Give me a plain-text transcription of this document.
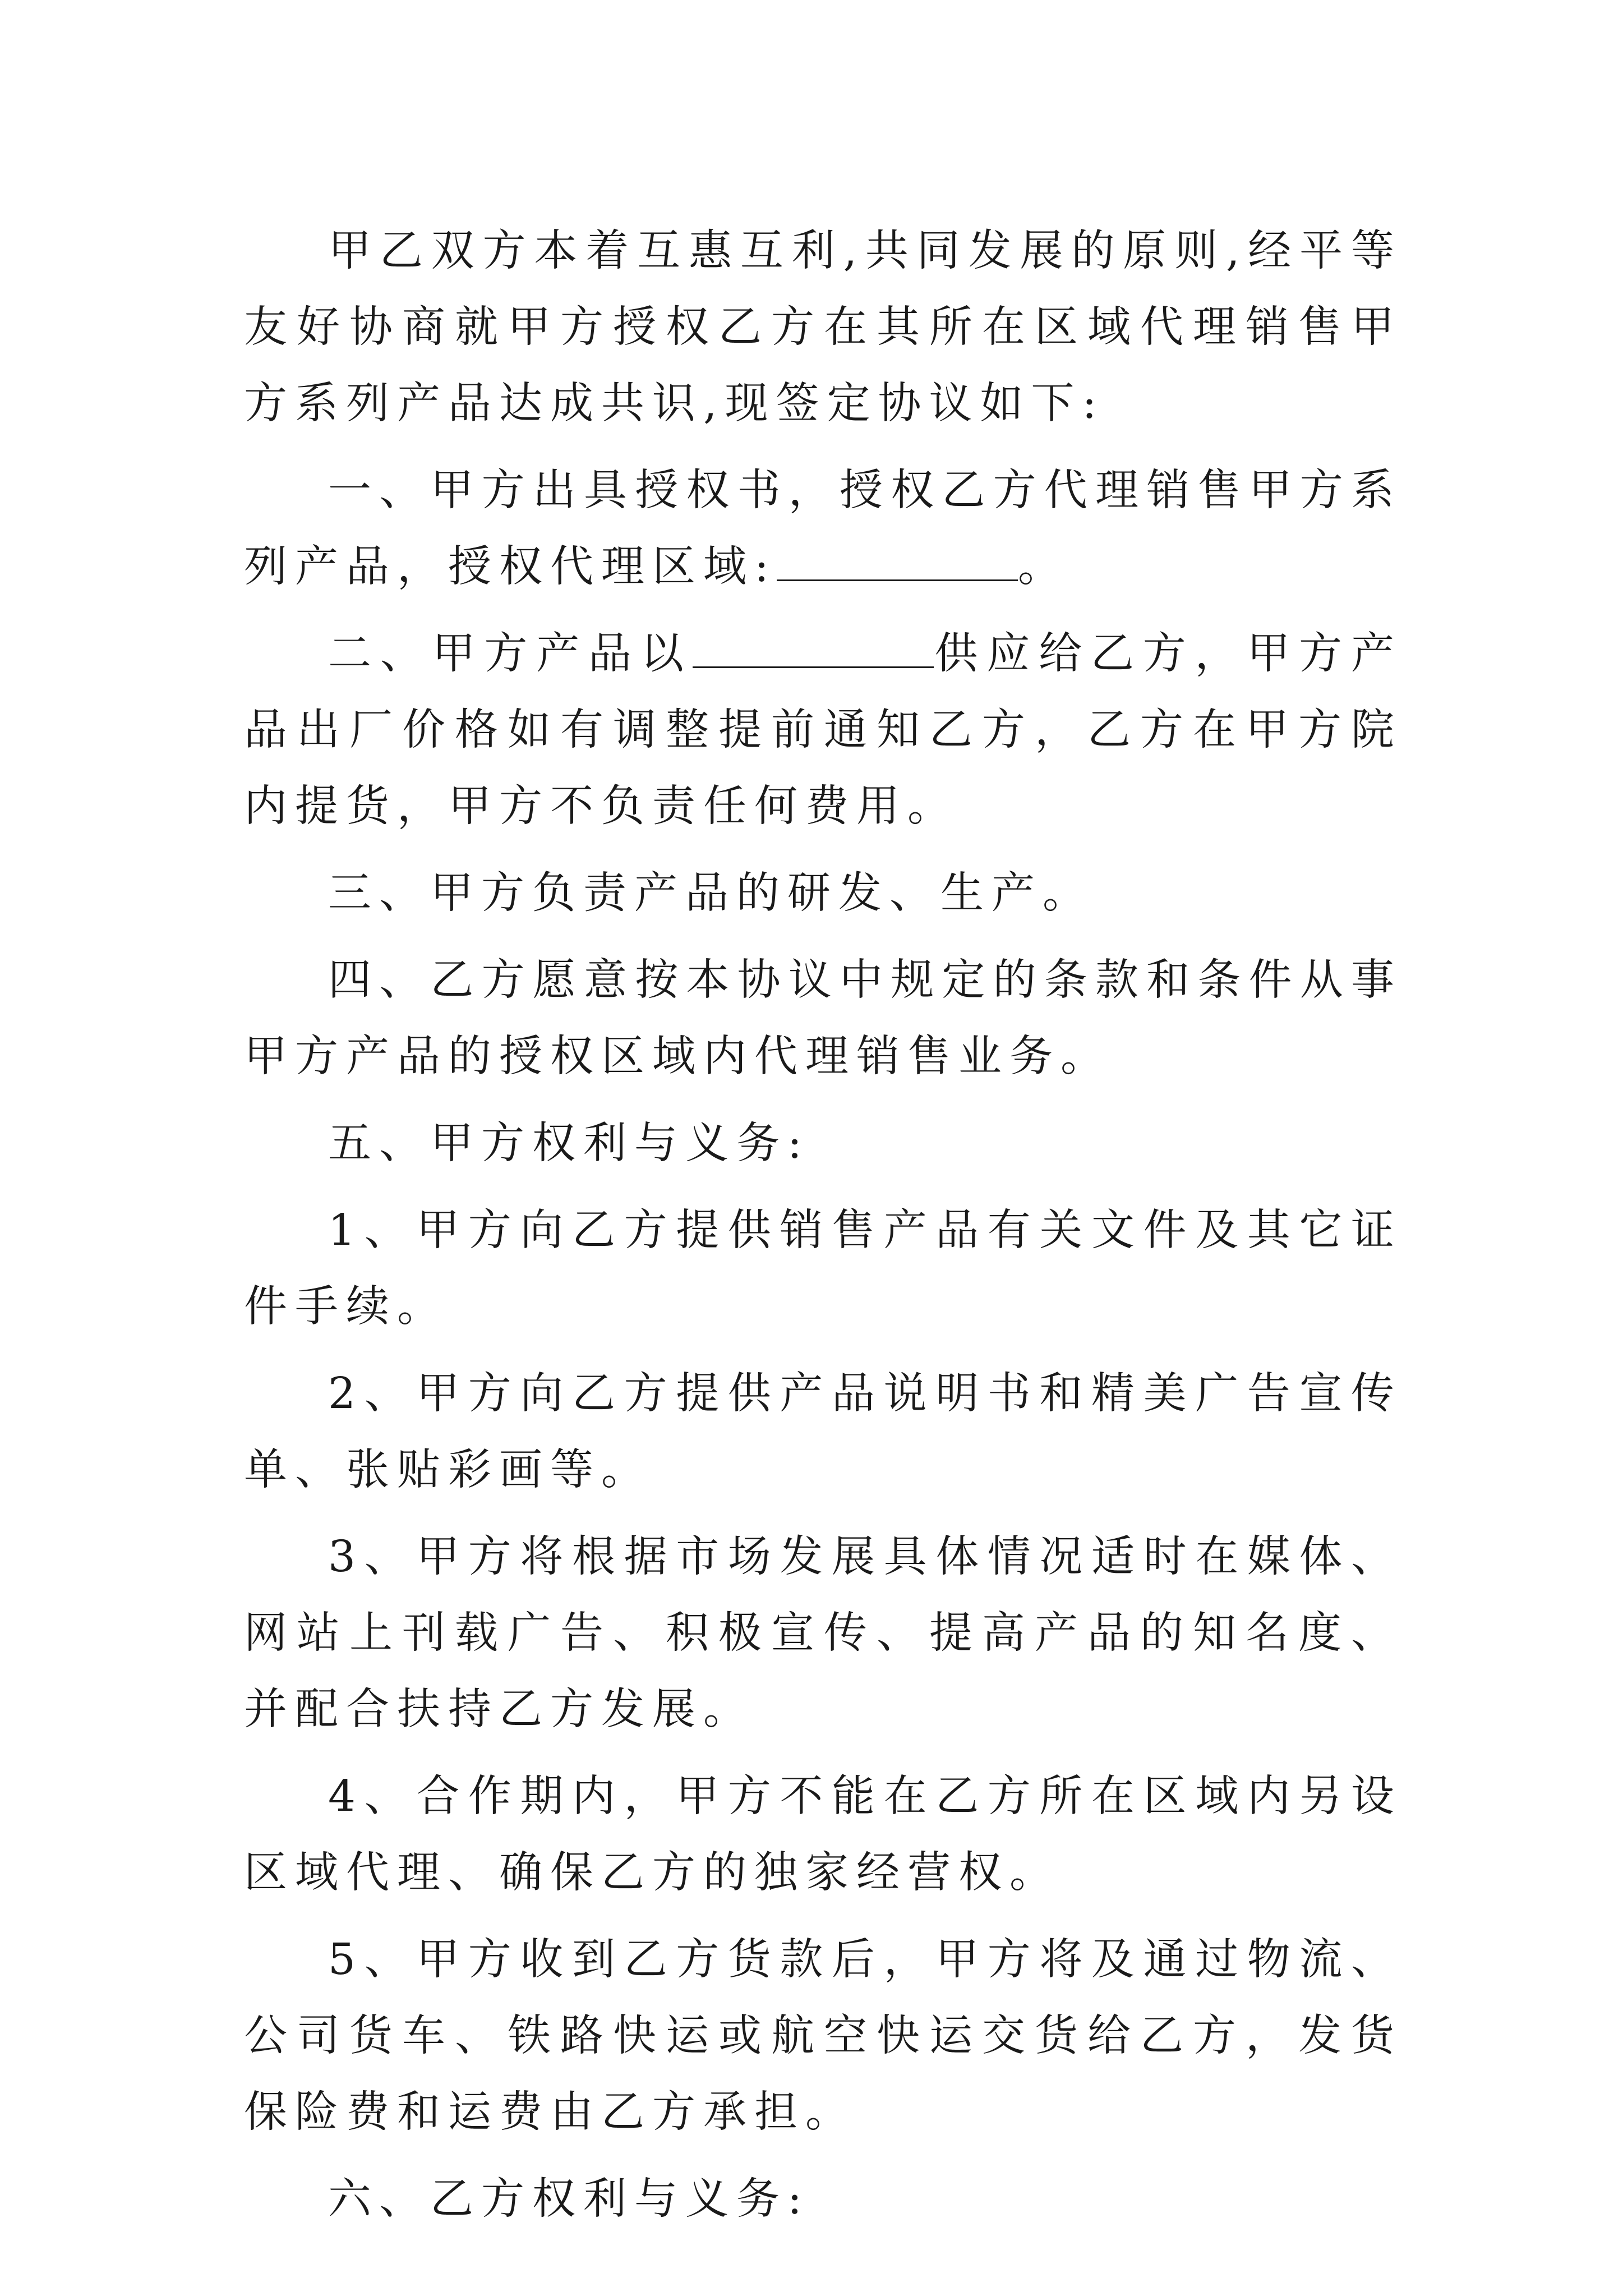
甲乙双方本着互惠互利,共同发展的原则,经平等友好协商就甲方授权乙方在其所在区域代理销售甲方系列产品达成共识,现签定协议如下:

一、甲方出具授权书，授权乙方代理销售甲方系列产品，授权代理区域:	。

二、甲方产品以	供应给乙方，甲方产品出厂价格如有调整提前通知乙方，乙方在甲方院内提货，甲方不负责任何费用。

三、甲方负责产品的研发、生产。

四、乙方愿意按本协议中规定的条款和条件从事甲方产品的授权区域内代理销售业务。

五、甲方权利与义务:

1、甲方向乙方提供销售产品有关文件及其它证件手续。

2、甲方向乙方提供产品说明书和精美广告宣传单、张贴彩画等。

3、甲方将根据市场发展具体情况适时在媒体、网站上刊载广告、积极宣传、提高产品的知名度、并配合扶持乙方发展。

4、合作期内，甲方不能在乙方所在区域内另设区域代理、确保乙方的独家经营权。

5、甲方收到乙方货款后，甲方将及通过物流、公司货车、铁路快运或航空快运交货给乙方，发货保险费和运费由乙方承担。

六、乙方权利与义务:
